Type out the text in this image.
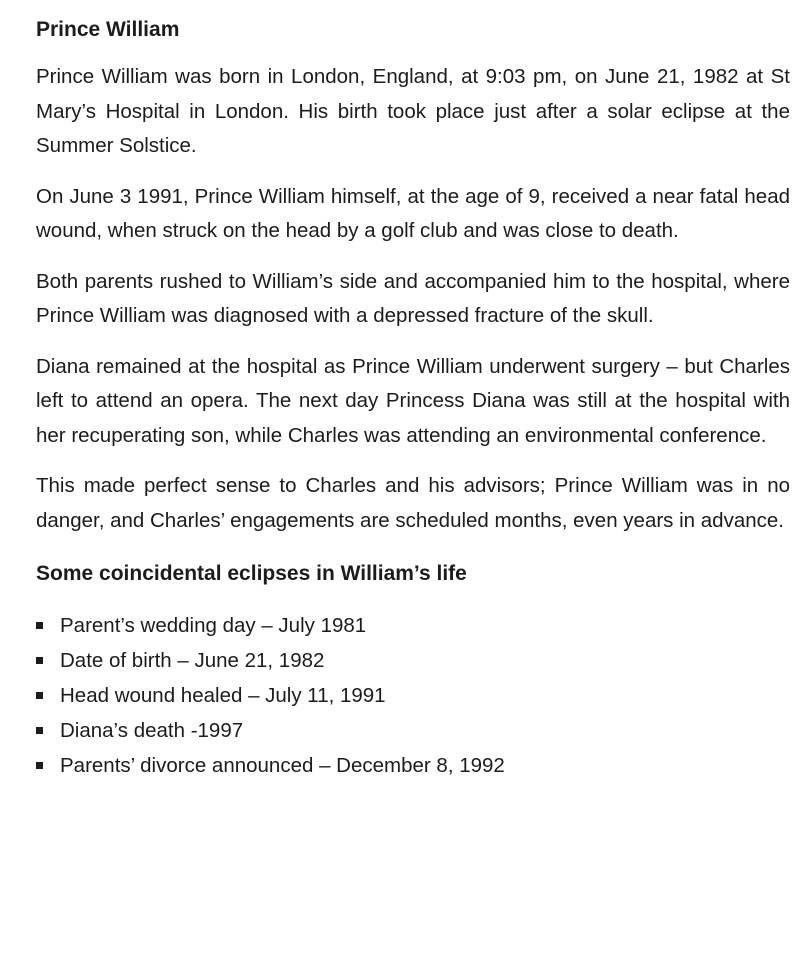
Prince William

Prince William was born in London, England, at 9:03 pm, on June 21, 1982 at St Mary’s Hospital in London. His birth took place just after a solar eclipse at the Summer Solstice.

On June 3 1991, Prince William himself, at the age of 9, received a near fatal head wound, when struck on the head by a golf club and was close to death.

Both parents rushed to William’s side and accompanied him to the hospital, where Prince William was diagnosed with a depressed fracture of the skull.

Diana remained at the hospital as Prince William underwent surgery – but Charles left to attend an opera. The next day Princess Diana was still at the hospital with her recuperating son, while Charles was attending an environmental conference.

This made perfect sense to Charles and his advisors; Prince William was in no danger, and Charles’ engagements are scheduled months, even years in advance.

Some coincidental eclipses in William’s life
Parent’s wedding day – July 1981
Date of birth – June 21, 1982
Head wound healed – July 11, 1991
Diana’s death -1997
Parents’ divorce announced – December 8, 1992
